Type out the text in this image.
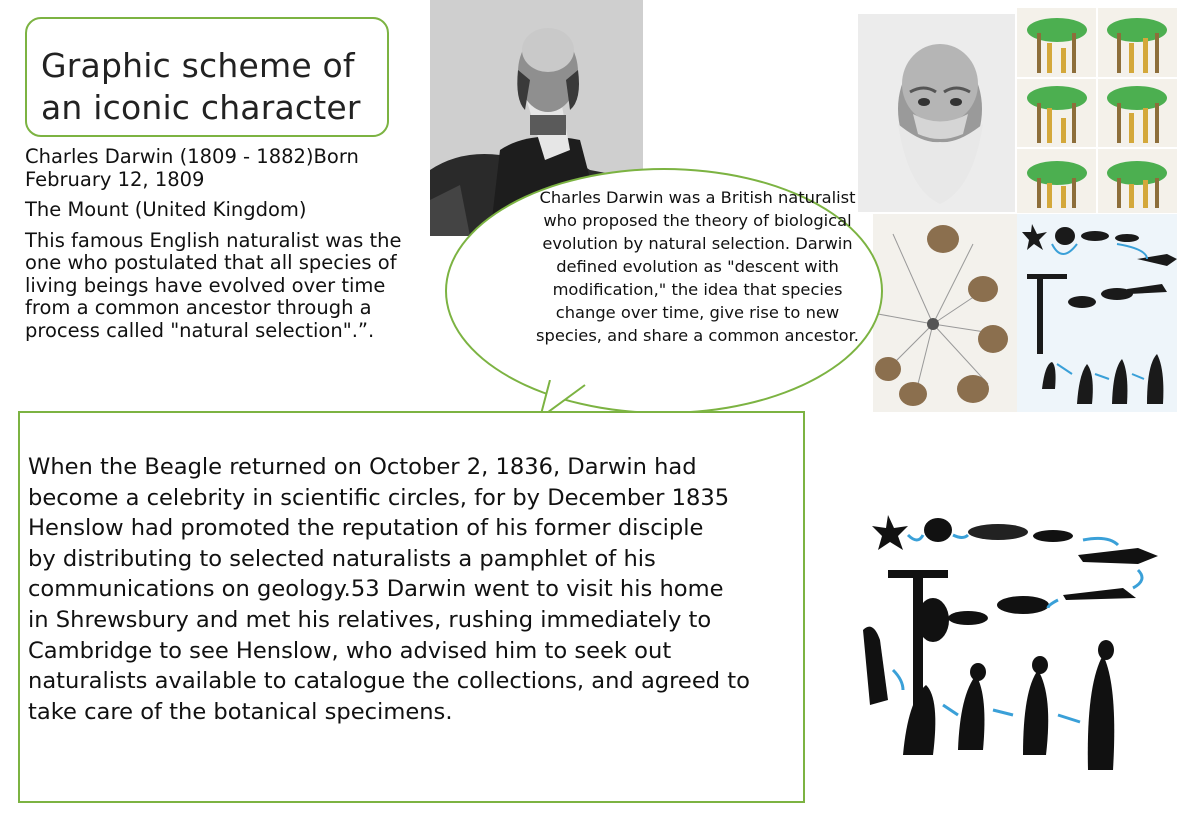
Graphic scheme of
an iconic character

Charles Darwin (1809 - 1882)Born February 12, 1809

The Mount (United Kingdom)

This famous English naturalist was the one who postulated that all species of living beings have evolved over time from a common ancestor through a process called "natural selection".”.

Charles Darwin was a British naturalist who proposed the theory of biological evolution by natural selection. Darwin defined evolution as "descent with modification," the idea that species change over time, give rise to new species, and share a common ancestor.
When the Beagle returned on October 2, 1836, Darwin had
become a celebrity in scientific circles, for by December 1835
Henslow had promoted the reputation of his former disciple
by distributing to selected naturalists a pamphlet of his
communications on geology.53 Darwin went to visit his home
in Shrewsbury and met his relatives, rushing immediately to
Cambridge to see Henslow, who advised him to seek out
naturalists available to catalogue the collections, and agreed to
take care of the botanical specimens.
